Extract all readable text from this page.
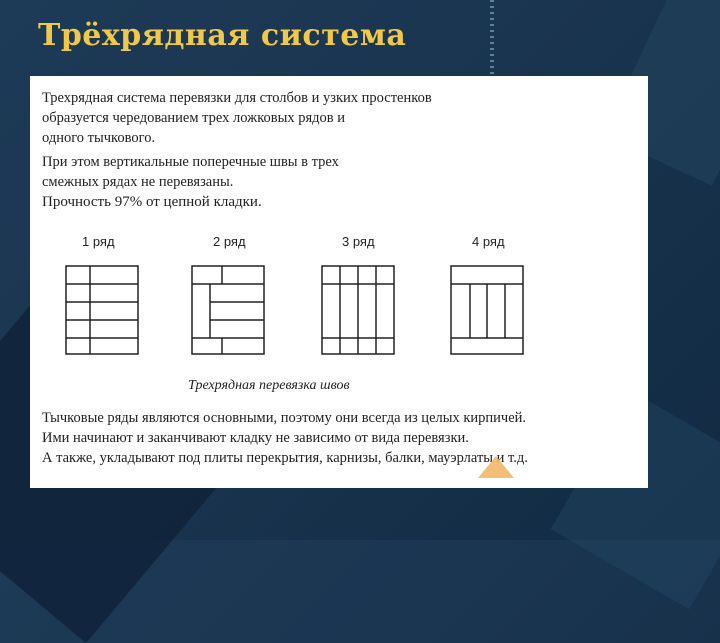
Трёхрядная система

Трехрядная система перевязки для столбов и узких простенков
образуется чередованием трех ложковых рядов и
одного тычкового.

При этом вертикальные поперечные швы в трех
смежных рядах не перевязаны.
Прочность 97% от цепной кладки.

1 ряд	2 ряд	3 ряд	4 ряд

Трехрядная перевязка швов

Тычковые ряды являются основными, поэтому они всегда из целых кирпичей.
Ими начинают и заканчивают кладку не зависимо от вида перевязки.
А также, укладывают под плиты перекрытия, карнизы, балки, мауэрлаты и т.д.
